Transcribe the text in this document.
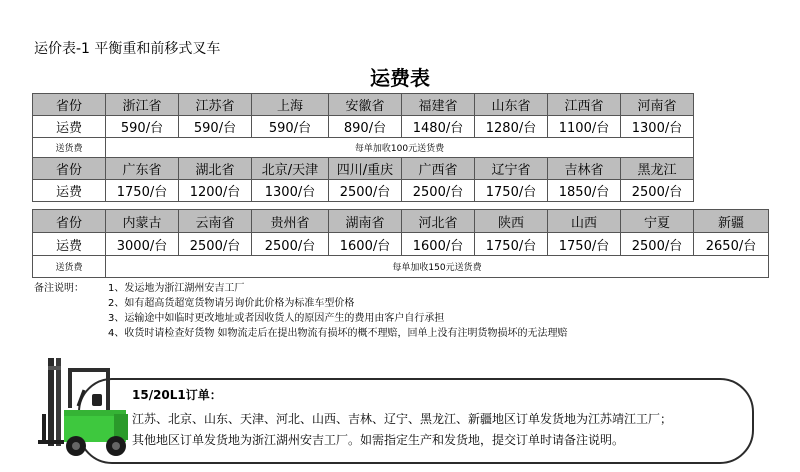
运价表-1 平衡重和前移式叉车
运费表
省份	浙江省	江苏省	上海	安徽省	福建省	山东省	江西省	河南省
运费	590/台	590/台	590/台	890/台	1480/台	1280/台	1100/台	1300/台
送货费	每单加收100元送货费							
省份	广东省	湖北省	北京/天津	四川/重庆	广西省	辽宁省	吉林省	黑龙江
运费	1750/台	1200/台	1300/台	2500/台	2500/台	1750/台	1850/台	2500/台
省份	内蒙古	云南省	贵州省	湖南省	河北省	陕西	山西	宁夏	新疆
运费	3000/台	2500/台	2500/台	1600/台	1600/台	1750/台	1750/台	2500/台	2650/台
送货费	每单加收150元送货费								
备注说明： 1、发运地为浙江湖州安吉工厂
2、如有超高货超宽货物请另询价此价格为标准车型价格
3、运输途中如临时更改地址或者因收货人的原因产生的费用由客户自行承担
4、收货时请检查好货物 如物流走后在提出物流有损坏的概不理赔，回单上没有注明货物损坏的无法理赔
15/20L1订单：
江苏、北京、山东、天津、河北、山西、吉林、辽宁、黑龙江、新疆地区订单发货地为江苏靖江工厂；
其他地区订单发货地为浙江湖州安吉工厂。如需指定生产和发货地，提交订单时请备注说明。
